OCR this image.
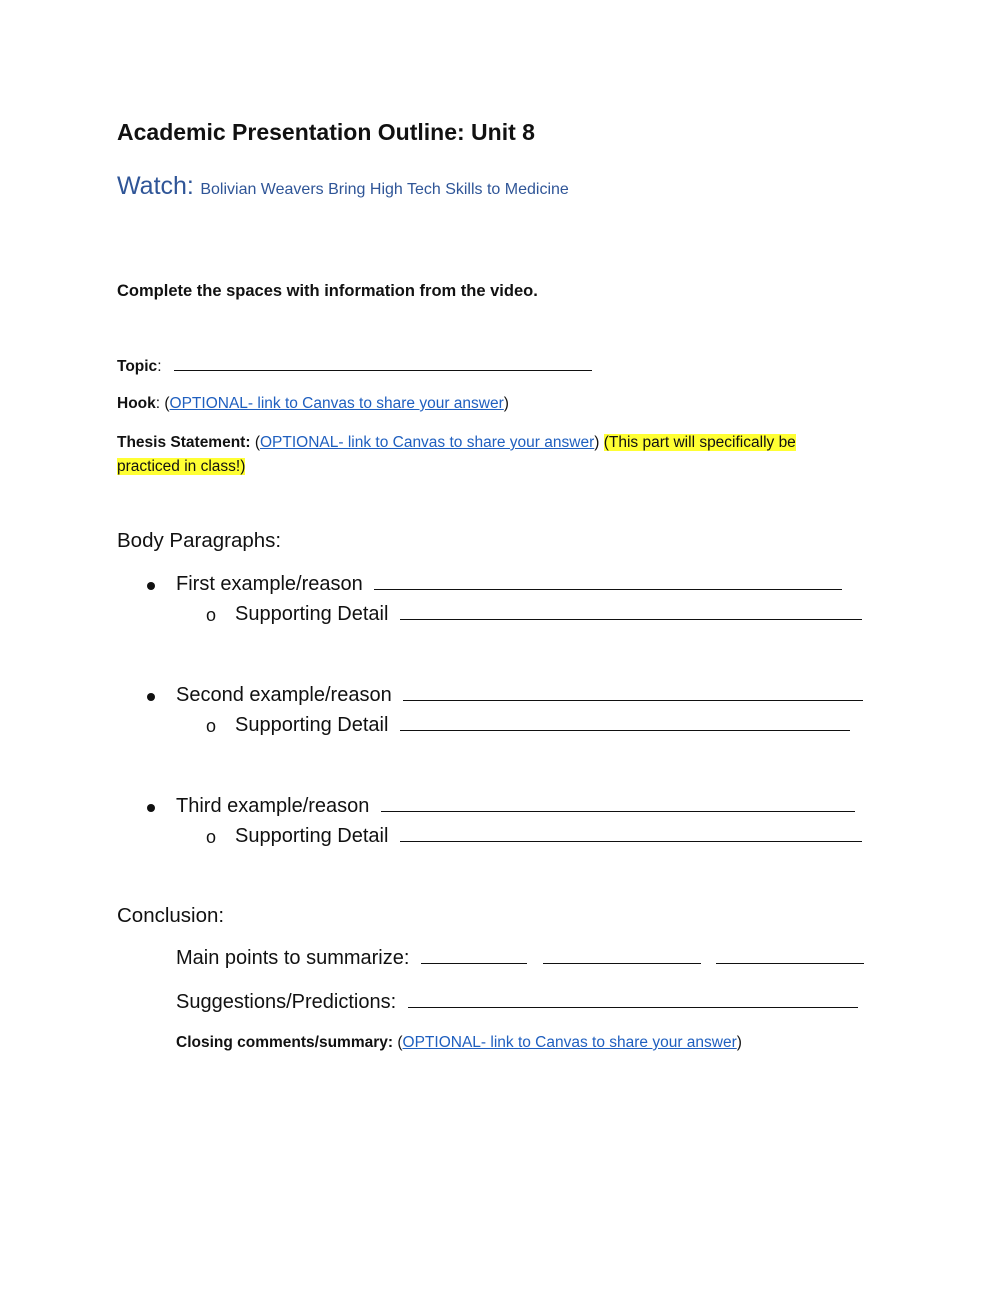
Academic Presentation Outline: Unit 8
Watch: Bolivian Weavers Bring High Tech Skills to Medicine
Complete the spaces with information from the video.
Topic:
Hook: (OPTIONAL- link to Canvas to share your answer)
Thesis Statement: (OPTIONAL- link to Canvas to share your answer) (This part will specifically be practiced in class!)
Body Paragraphs:
First example/reason
o Supporting Detail
Second example/reason
o Supporting Detail
Third example/reason
o Supporting Detail
Conclusion:
Main points to summarize:
Suggestions/Predictions:
Closing comments/summary: (OPTIONAL- link to Canvas to share your answer)
